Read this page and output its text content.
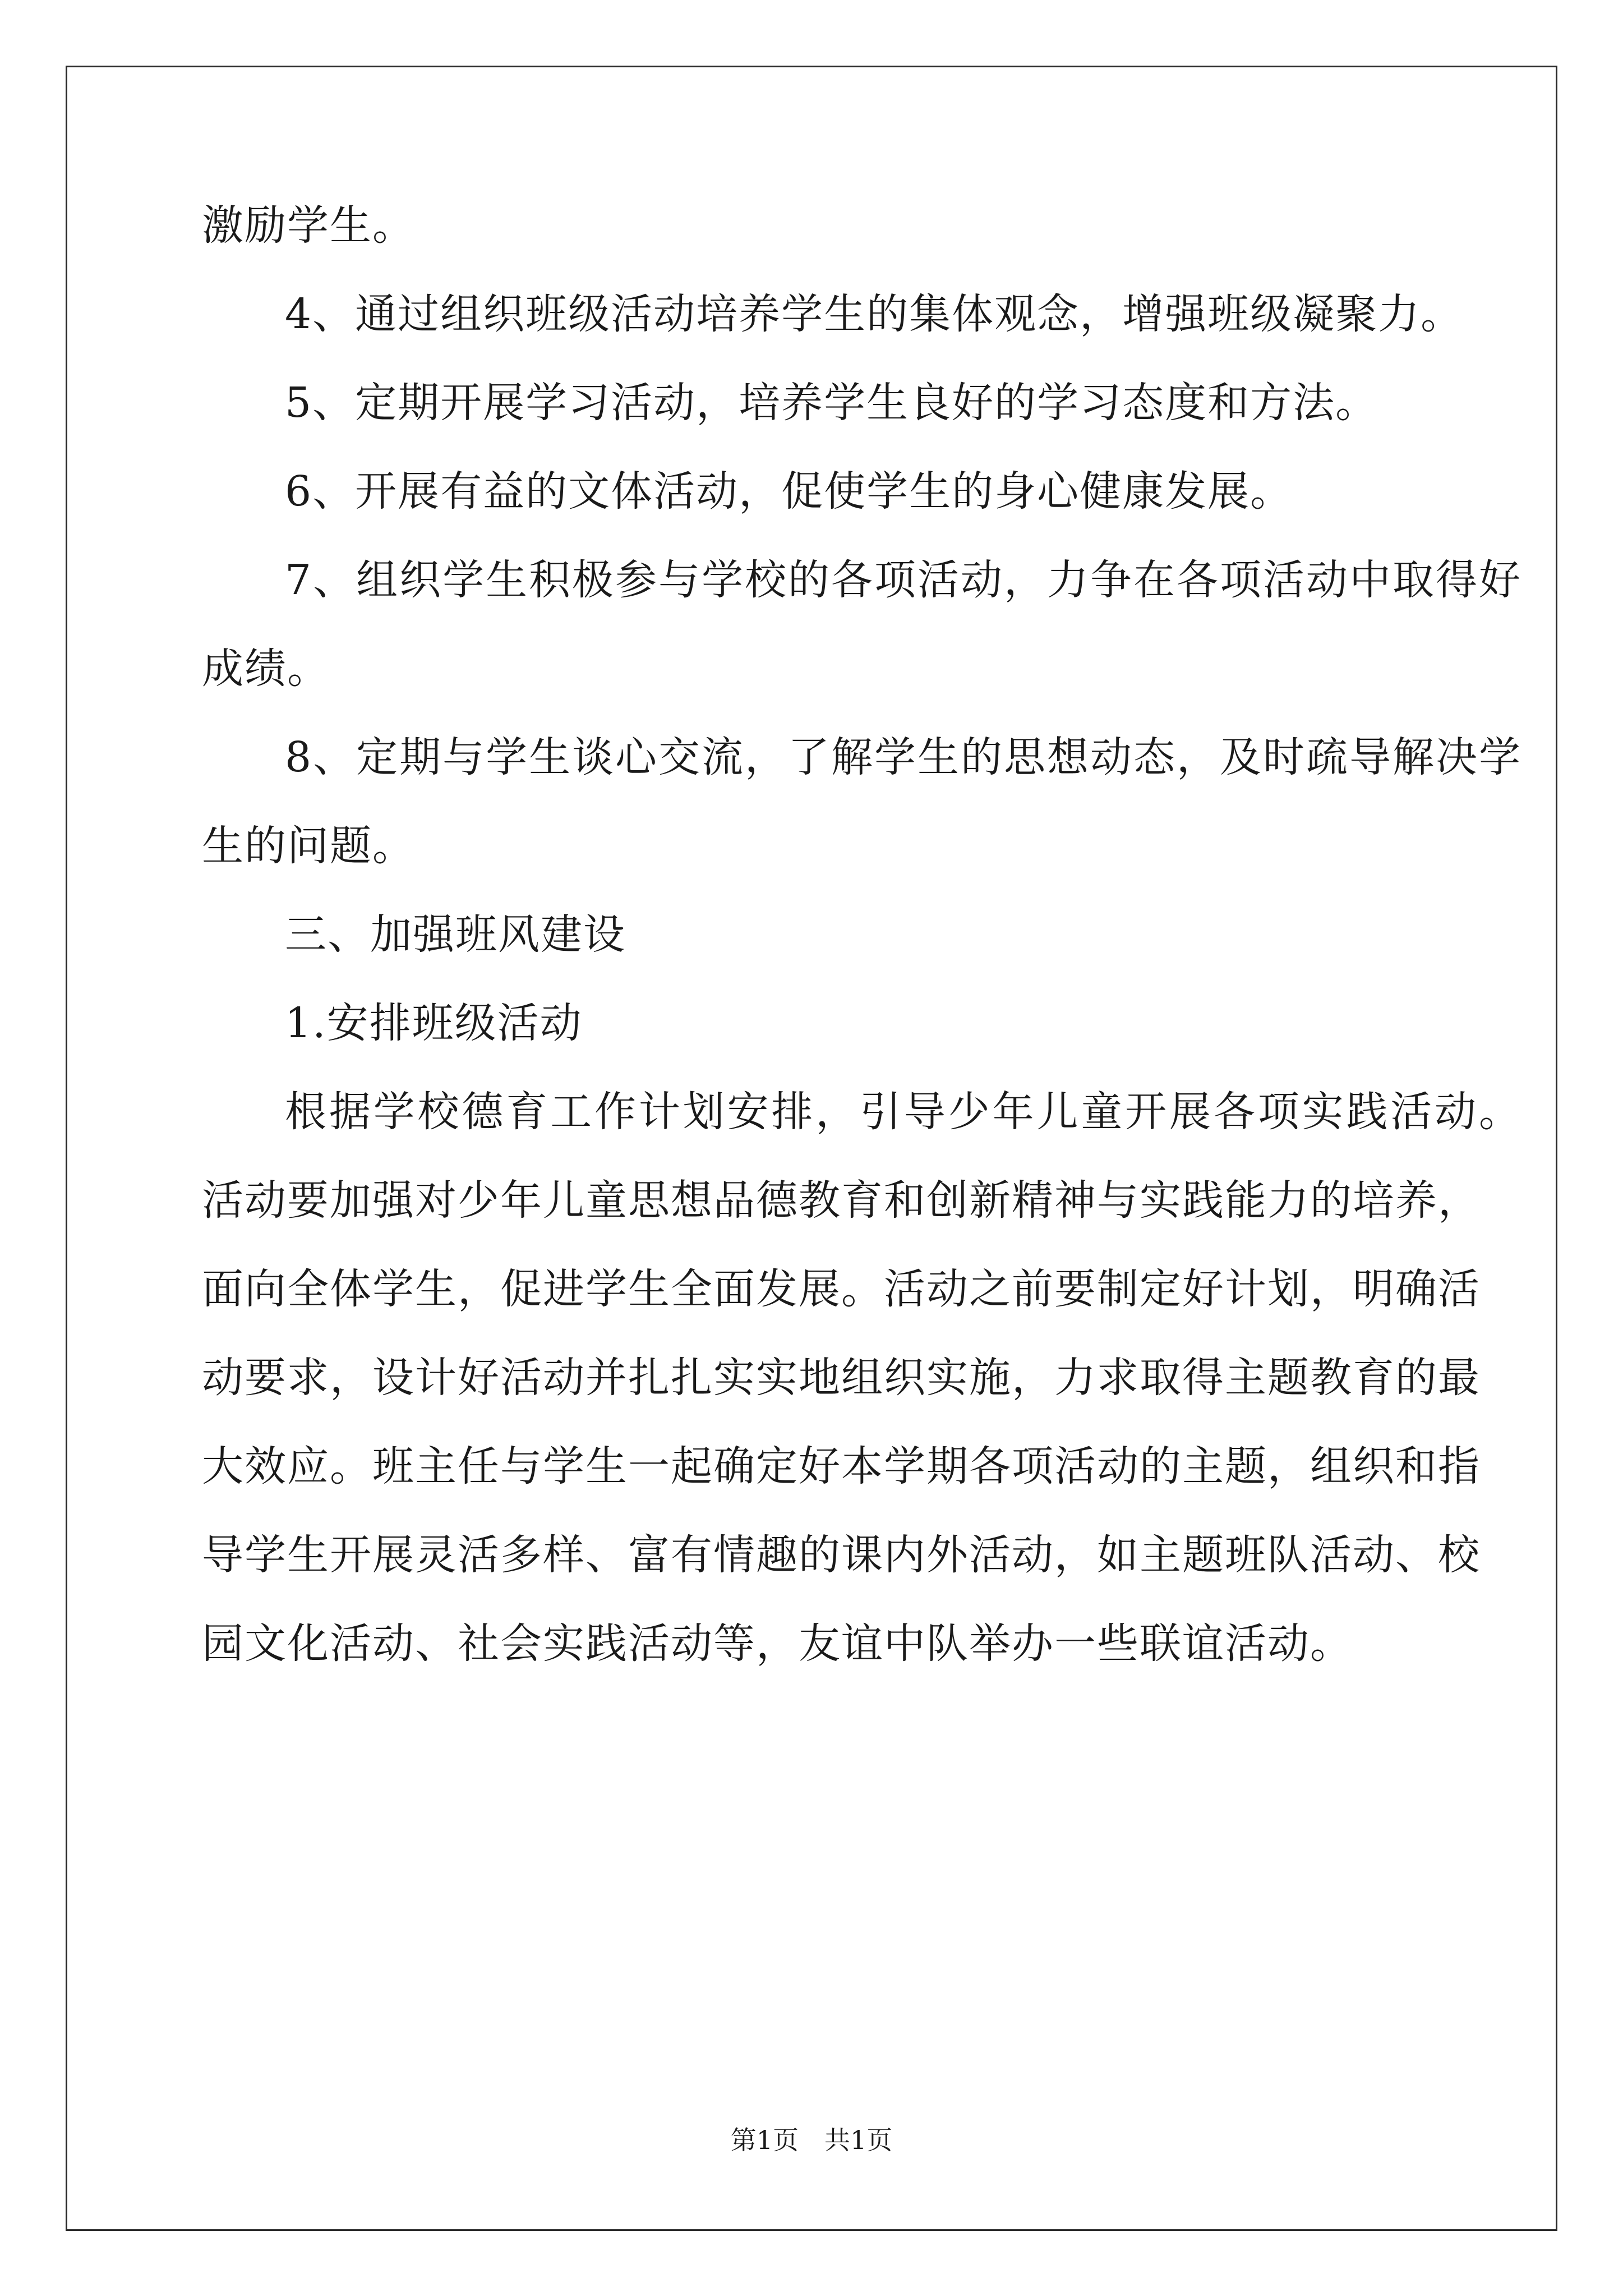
激励学生。
4、通过组织班级活动培养学生的集体观念，增强班级凝聚力。
5、定期开展学习活动，培养学生良好的学习态度和方法。
6、开展有益的文体活动，促使学生的身心健康发展。
7、组织学生积极参与学校的各项活动，力争在各项活动中取得好
成绩。
8、定期与学生谈心交流，了解学生的思想动态，及时疏导解决学
生的问题。
三、加强班风建设
1.安排班级活动
根据学校德育工作计划安排，引导少年儿童开展各项实践活动。
活动要加强对少年儿童思想品德教育和创新精神与实践能力的培养，
面向全体学生，促进学生全面发展。活动之前要制定好计划，明确活
动要求，设计好活动并扎扎实实地组织实施，力求取得主题教育的最
大效应。班主任与学生一起确定好本学期各项活动的主题，组织和指
导学生开展灵活多样、富有情趣的课内外活动，如主题班队活动、校
园文化活动、社会实践活动等，友谊中队举办一些联谊活动。
第1页　共1页
